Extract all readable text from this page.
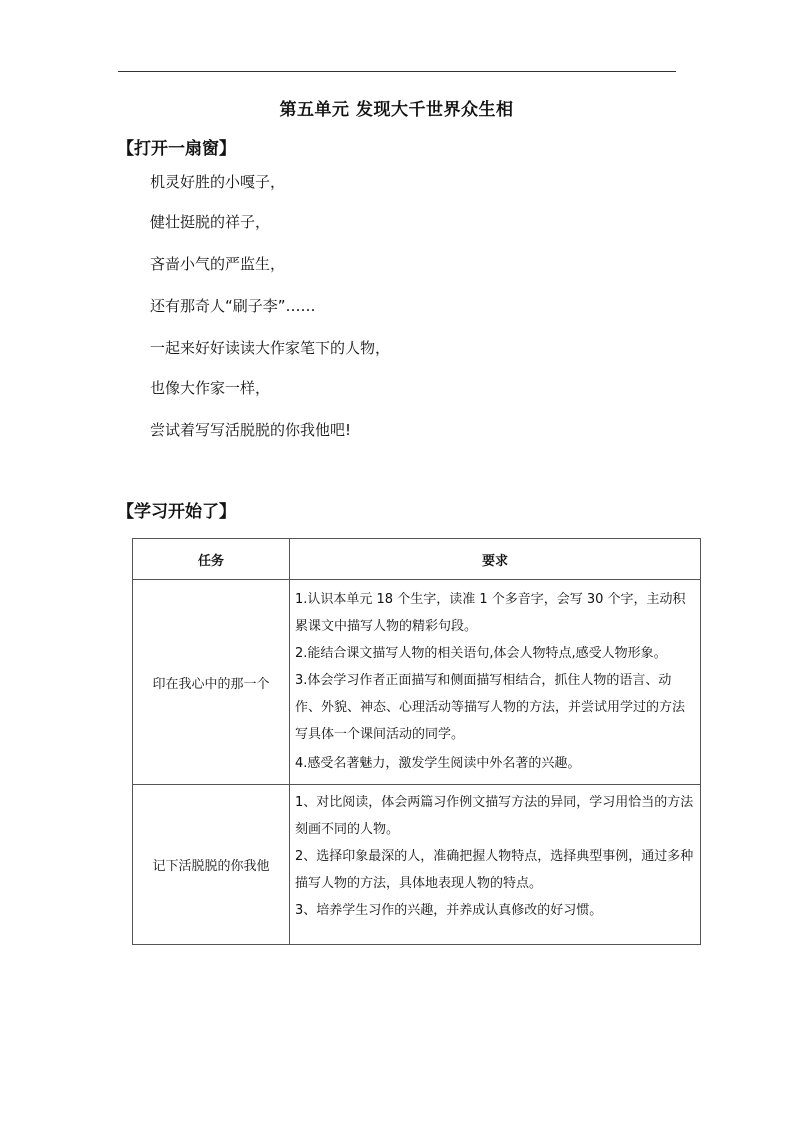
第五单元 发现大千世界众生相
【打开一扇窗】
机灵好胜的小嘎子，
健壮挺脱的祥子，
吝啬小气的严监生，
还有那奇人“刷子李”……
一起来好好读读大作家笔下的人物，
也像大作家一样，
尝试着写写活脱脱的你我他吧!
【学习开始了】
任务	要求
印在我心中的那一个	1.认识本单元 18 个生字，读准 1 个多音字，会写 30 个字，主动积累课文中描写人物的精彩句段。

2.能结合课文描写人物的相关语句,体会人物特点,感受人物形象。

3.体会学习作者正面描写和侧面描写相结合，抓住人物的语言、动作、外貌、神态、心理活动等描写人物的方法，并尝试用学过的方法写具体一个课间活动的同学。

4.感受名著魅力，激发学生阅读中外名著的兴趣。

记下活脱脱的你我他	1、对比阅读，体会两篇习作例文描写方法的异同，学习用恰当的方法刻画不同的人物。

2、选择印象最深的人，准确把握人物特点，选择典型事例，通过多种描写人物的方法，具体地表现人物的特点。

3、培养学生习作的兴趣，并养成认真修改的好习惯。
